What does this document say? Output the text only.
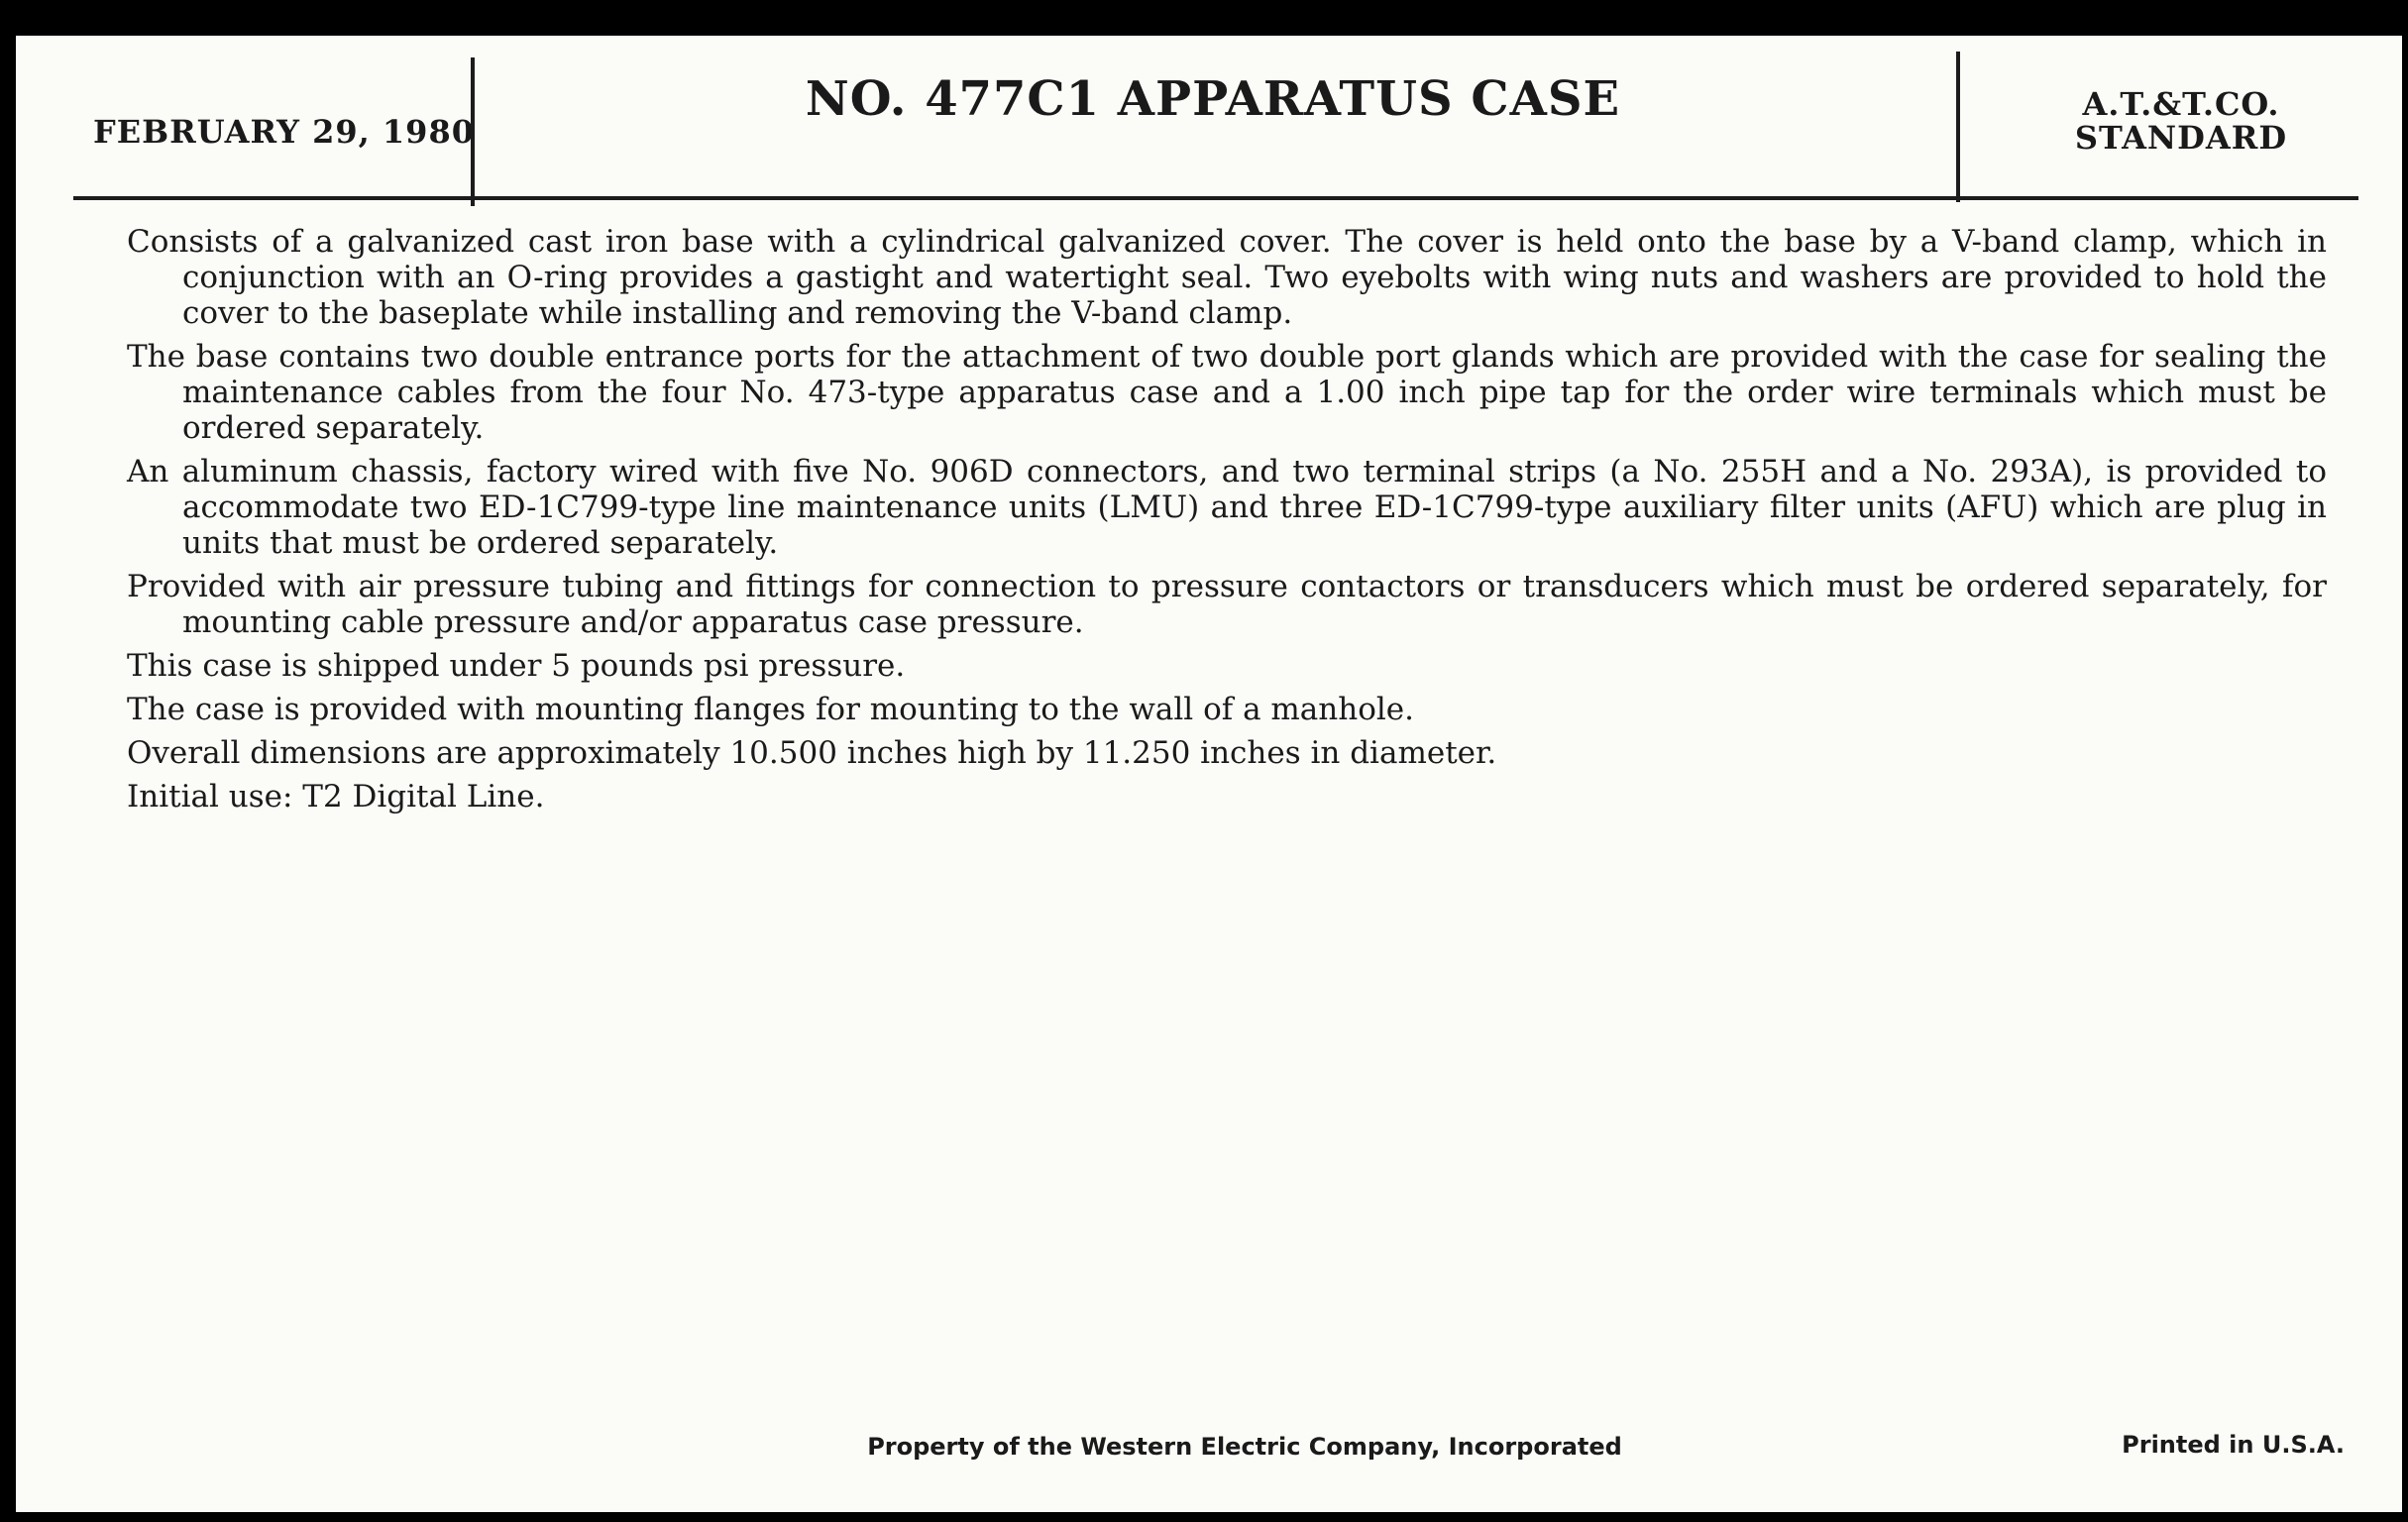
FEBRUARY 29, 1980
NO. 477C1 APPARATUS CASE	A.T.&T.CO.
STANDARD

Consists of a galvanized cast iron base with a cylindrical galvanized cover. The cover is held onto the base by a V-band clamp, which in conjunction with an O-ring provides a gastight and watertight seal. Two eyebolts with wing nuts and washers are provided to hold the cover to the baseplate while installing and removing the V-band clamp.

The base contains two double entrance ports for the attachment of two double port glands which are provided with the case for sealing the maintenance cables from the four No. 473-type apparatus case and a 1.00 inch pipe tap for the order wire terminals which must be ordered separately.

An aluminum chassis, factory wired with five No. 906D connectors, and two terminal strips (a No. 255H and a No. 293A), is provided to accommodate two ED-1C799-type line maintenance units (LMU) and three ED-1C799-type auxiliary filter units (AFU) which are plug in units that must be ordered separately.

Provided with air pressure tubing and fittings for connection to pressure contactors or transducers which must be ordered separately, for mounting cable pressure and/or apparatus case pressure.

This case is shipped under 5 pounds psi pressure.

The case is provided with mounting flanges for mounting to the wall of a manhole.

Overall dimensions are approximately 10.500 inches high by 11.250 inches in diameter.

Initial use: T2 Digital Line.

Property of the Western Electric Company, Incorporated	Printed in U.S.A.
